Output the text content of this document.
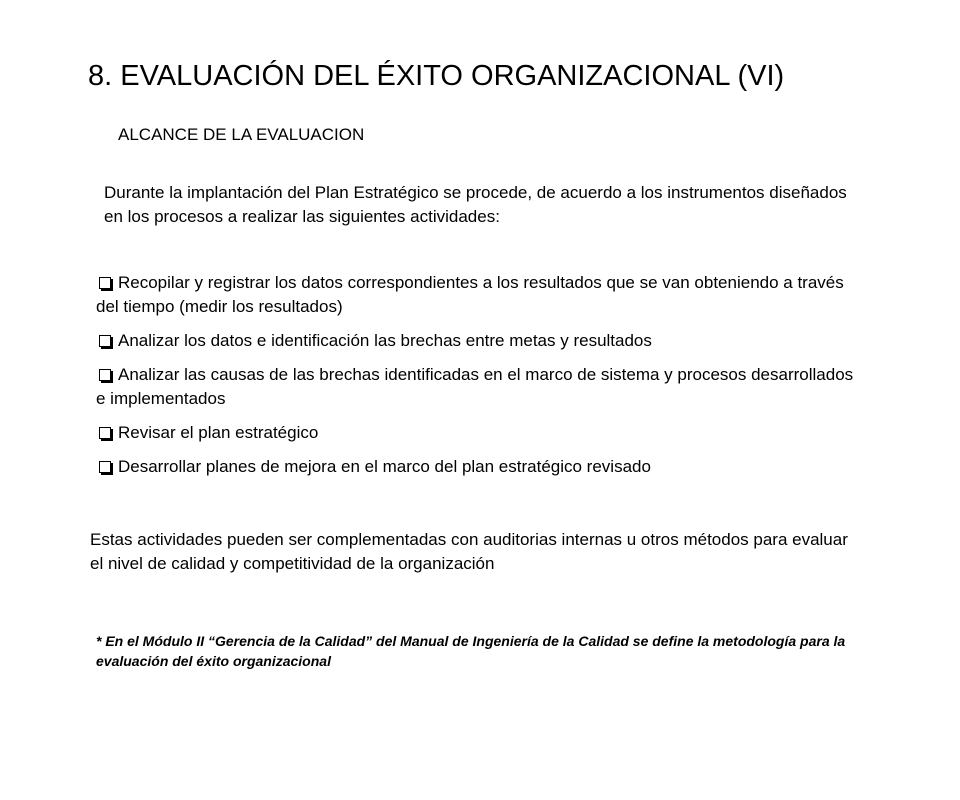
8. EVALUACIÓN DEL ÉXITO ORGANIZACIONAL (VI)
ALCANCE DE LA EVALUACION
Durante la implantación del Plan Estratégico se procede, de acuerdo a los instrumentos diseñados en los procesos a realizar las siguientes actividades:
Recopilar y registrar los datos correspondientes a los resultados que se van obteniendo a través del tiempo (medir los resultados)
Analizar los datos e identificación las brechas entre metas y resultados
Analizar las causas de las brechas identificadas en el marco de sistema y procesos desarrollados e implementados
Revisar el plan estratégico
Desarrollar planes de mejora en el marco del plan estratégico revisado
Estas actividades pueden ser complementadas con auditorias internas u otros métodos para evaluar el nivel de calidad y competitividad de la organización
* En el Módulo II “Gerencia de la Calidad” del Manual de Ingeniería de la Calidad se define la metodología para la evaluación del éxito organizacional
